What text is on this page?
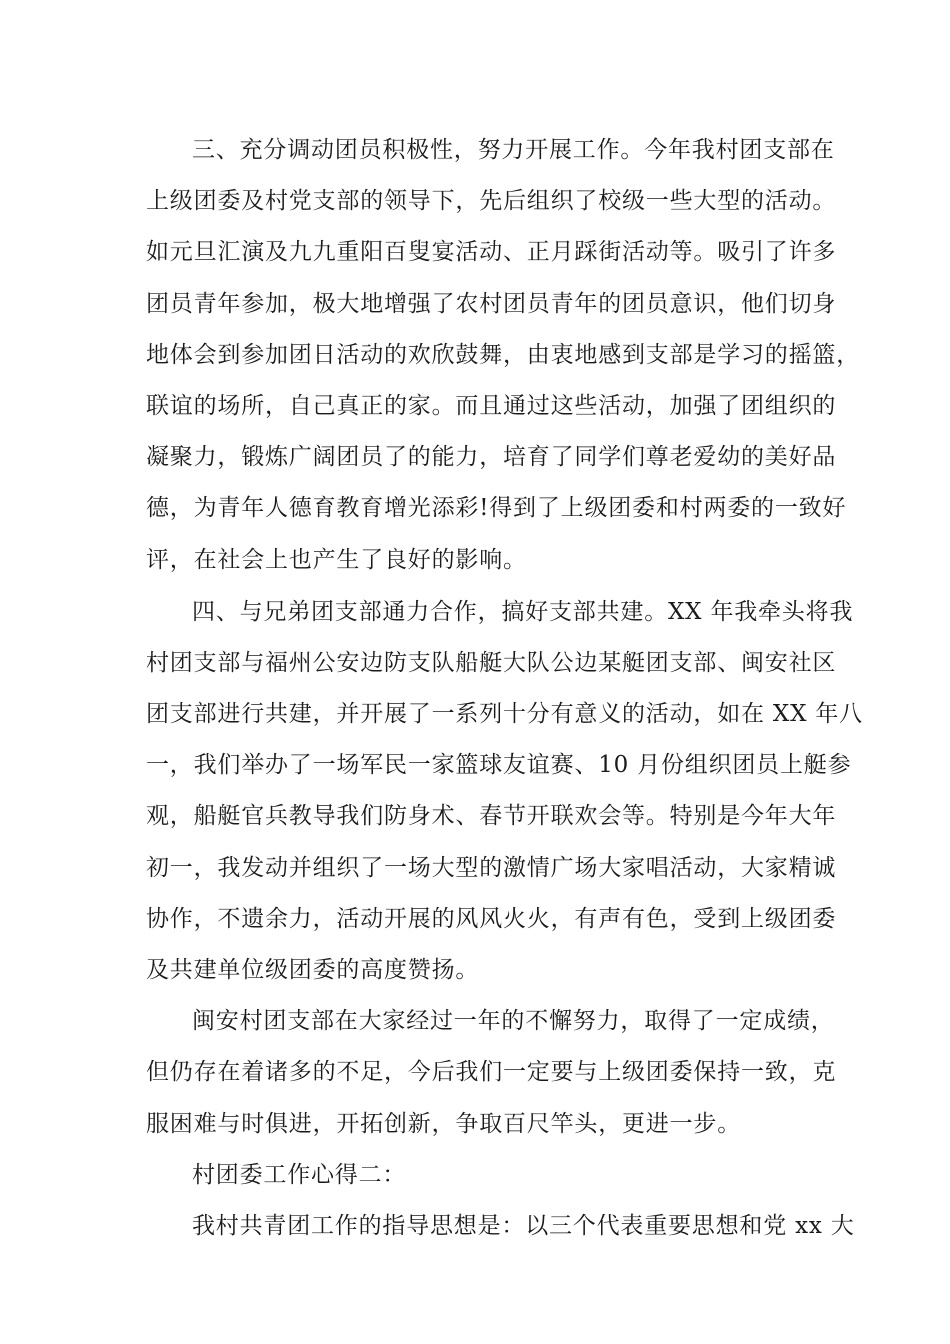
三、充分调动团员积极性，努力开展工作。今年我村团支部在
上级团委及村党支部的领导下，先后组织了校级一些大型的活动。
如元旦汇演及九九重阳百叟宴活动、正月踩街活动等。吸引了许多
团员青年参加，极大地增强了农村团员青年的团员意识，他们切身
地体会到参加团日活动的欢欣鼓舞，由衷地感到支部是学习的摇篮，
联谊的场所，自己真正的家。而且通过这些活动，加强了团组织的
凝聚力，锻炼广阔团员了的能力，培育了同学们尊老爱幼的美好品
德，为青年人德育教育增光添彩!得到了上级团委和村两委的一致好
评，在社会上也产生了良好的影响。
四、与兄弟团支部通力合作，搞好支部共建。XX 年我牵头将我
村团支部与福州公安边防支队船艇大队公边某艇团支部、闽安社区
团支部进行共建，并开展了一系列十分有意义的活动，如在 XX 年八
一，我们举办了一场军民一家篮球友谊赛、10 月份组织团员上艇参
观，船艇官兵教导我们防身术、春节开联欢会等。特别是今年大年
初一，我发动并组织了一场大型的激情广场大家唱活动，大家精诚
协作，不遗余力，活动开展的风风火火，有声有色，受到上级团委
及共建单位级团委的高度赞扬。
闽安村团支部在大家经过一年的不懈努力，取得了一定成绩，
但仍存在着诸多的不足，今后我们一定要与上级团委保持一致，克
服困难与时俱进，开拓创新，争取百尺竿头，更进一步。
村团委工作心得二：
我村共青团工作的指导思想是：以三个代表重要思想和党 xx 大
